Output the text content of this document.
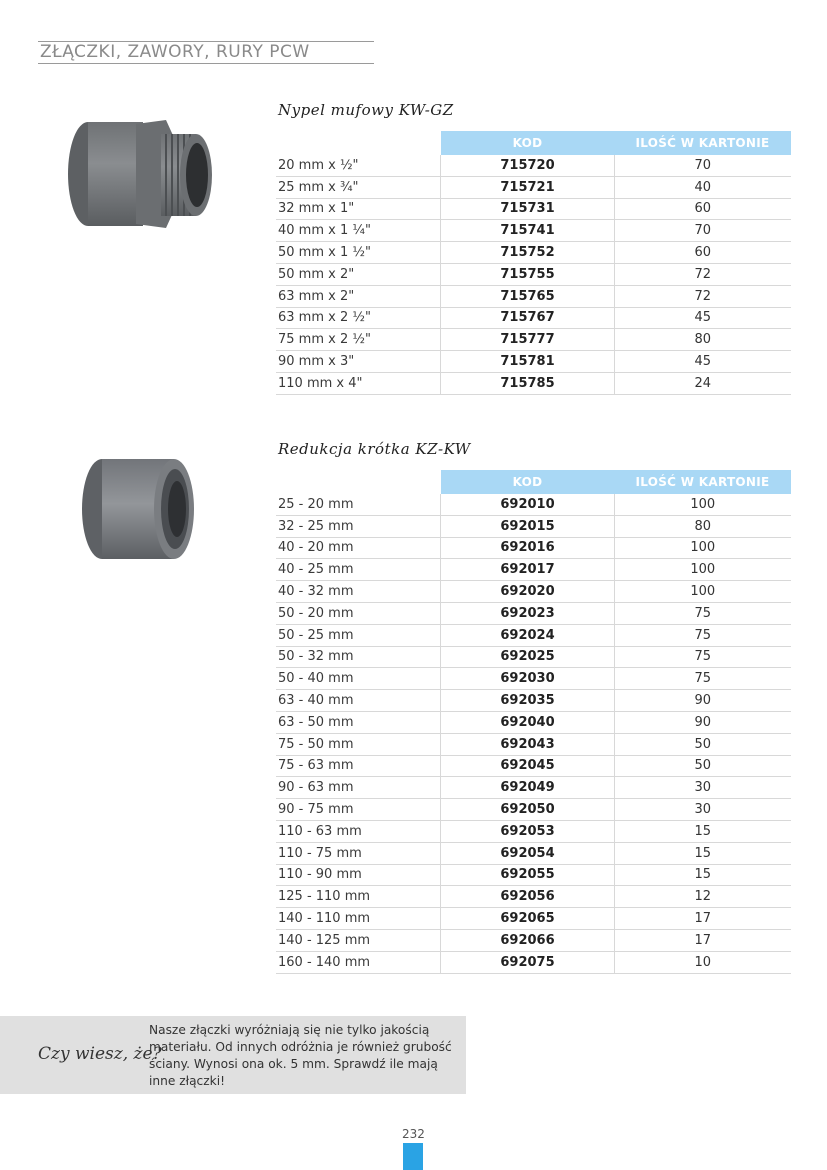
ZŁĄCZKI, ZAWORY, RURY PCW
Nypel mufowy KW-GZ
	KOD	ILOŚĆ W KARTONIE
20 mm x ½"	715720	70
25 mm x ¾"	715721	40
32 mm x 1"	715731	60
40 mm x 1 ¼"	715741	70
50 mm x 1 ½"	715752	60
50 mm x 2"	715755	72
63 mm x 2"	715765	72
63 mm x 2 ½"	715767	45
75 mm x 2 ½"	715777	80
90 mm x 3"	715781	45
110 mm x 4"	715785	24
Redukcja krótka KZ-KW
	KOD	ILOŚĆ W KARTONIE
25 - 20 mm	692010	100
32 - 25 mm	692015	80
40 - 20 mm	692016	100
40 - 25 mm	692017	100
40 - 32 mm	692020	100
50 - 20 mm	692023	75
50 - 25 mm	692024	75
50 - 32 mm	692025	75
50 - 40 mm	692030	75
63 - 40 mm	692035	90
63 - 50 mm	692040	90
75 - 50 mm	692043	50
75 - 63 mm	692045	50
90 - 63 mm	692049	30
90 - 75 mm	692050	30
110 - 63 mm	692053	15
110 - 75 mm	692054	15
110 - 90 mm	692055	15
125 - 110 mm	692056	12
140 - 110 mm	692065	17
140 - 125 mm	692066	17
160 - 140 mm	692075	10
Czy wiesz, że?
Nasze złączki wyróżniają się nie tylko jakością materiału. Od innych odróżnia je również grubość ściany. Wynosi ona ok. 5 mm. Sprawdź ile mają inne złączki!
232
